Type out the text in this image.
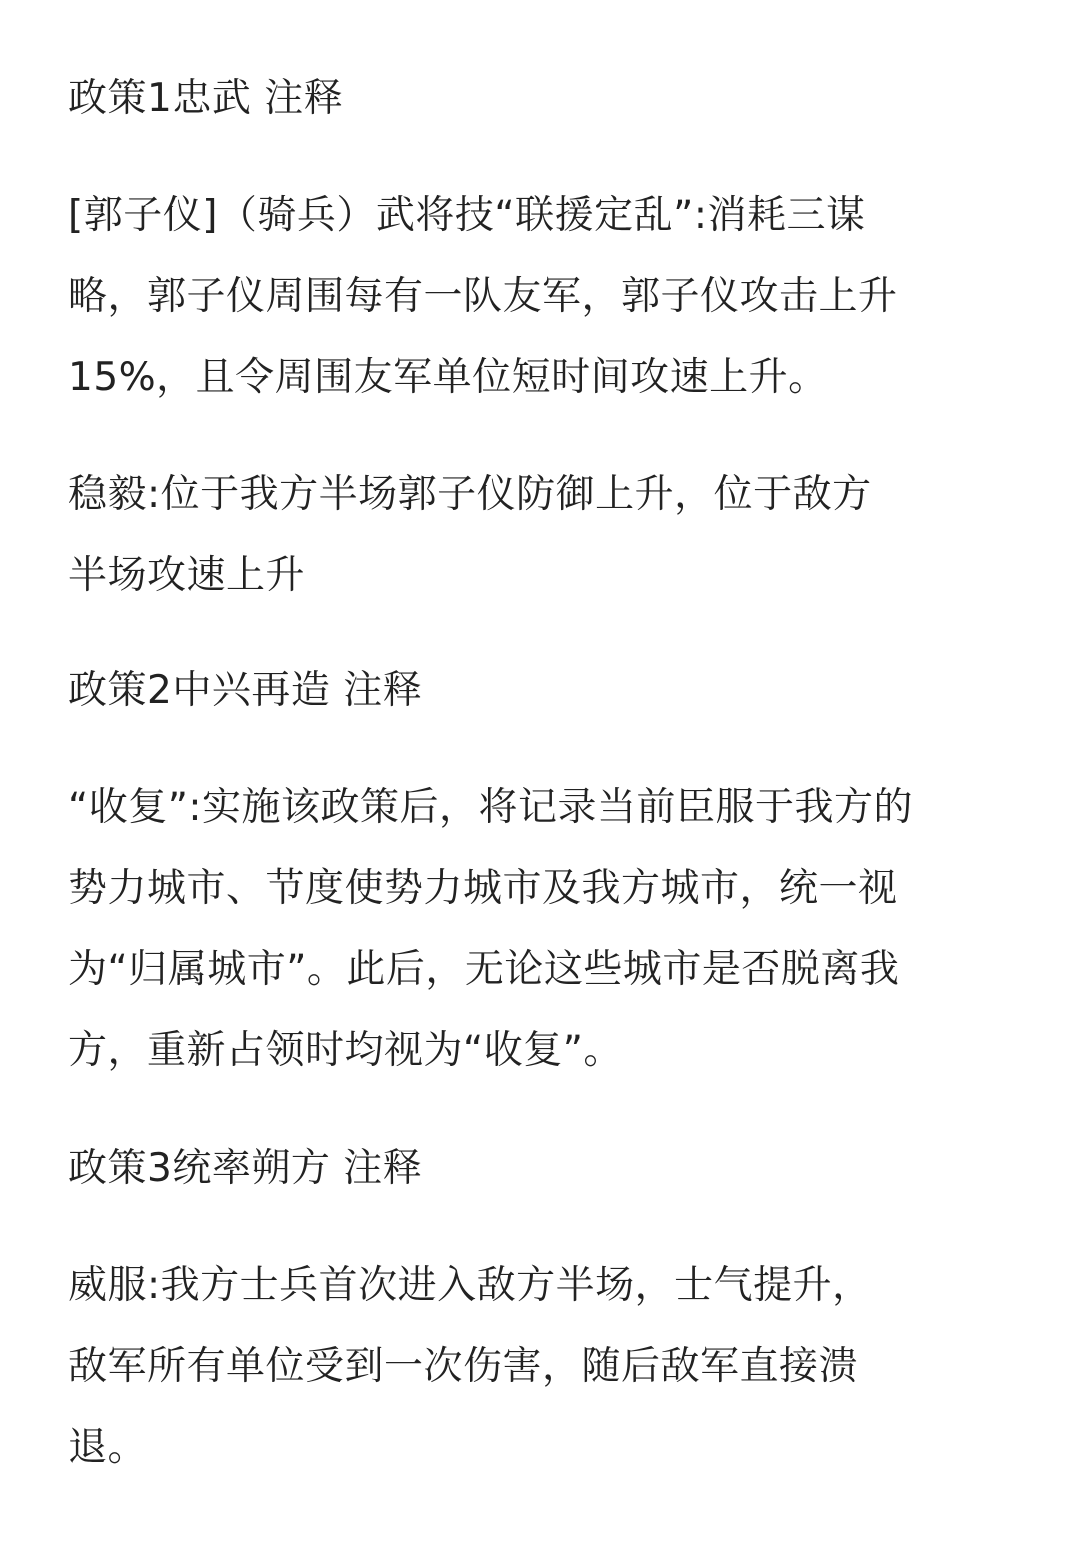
政策1忠武 注释

[郭子仪]（骑兵）武将技“联援定乱”:消耗三谋
略，郭子仪周围每有一队友军，郭子仪攻击上升
15%，且令周围友军单位短时间攻速上升。

稳毅:位于我方半场郭子仪防御上升，位于敌方
半场攻速上升

政策2中兴再造 注释

“收复”:实施该政策后，将记录当前臣服于我方的
势力城市、节度使势力城市及我方城市，统一视
为“归属城市”。此后，无论这些城市是否脱离我
方，重新占领时均视为“收复”。

政策3统率朔方 注释

威服:我方士兵首次进入敌方半场，士气提升，
敌军所有单位受到一次伤害，随后敌军直接溃
退。
